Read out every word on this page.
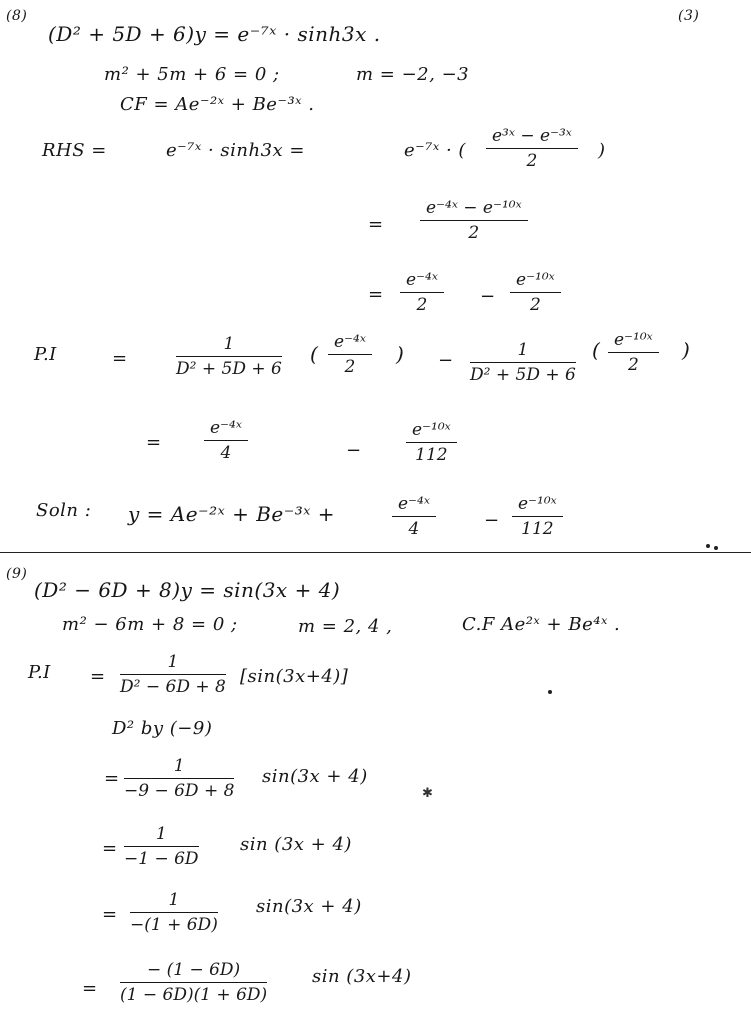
(3)
(8)
(D² + 5D + 6)y = e⁻⁷ˣ · sinh3x .
m² + 5m + 6 = 0 ;	m = −2, −3
CF = Ae⁻²ˣ + Be⁻³ˣ .
RHS =	e⁻⁷ˣ · sinh3x =	e⁻⁷ˣ · ( $\frac{\text{e³ˣ − e⁻³ˣ}}{2}$ )
= $\frac{\text{e⁻⁴ˣ − e⁻¹⁰ˣ}}{2}$
= $\frac{\text{e⁻⁴ˣ}}{2} - \frac{\text{e⁻¹⁰ˣ}}{2}$
P.I	=	$\frac{1}{\text{D² + 5D + 6}}$ ( $\frac{\text{e⁻⁴ˣ}}{2}$ ) − $\frac{1}{\text{D² + 5D + 6}}$ ( $\frac{\text{e⁻¹⁰ˣ}}{2}$ )
= $\frac{\text{e⁻⁴ˣ}}{4}$	−	$\frac{\text{e⁻¹⁰ˣ}}{112}$
Soln : y = Ae⁻²ˣ + Be⁻³ˣ +	$\frac{\text{e⁻⁴ˣ}}{4}$	− $\frac{\text{e⁻¹⁰ˣ}}{112}$
(9)
(D² − 6D + 8)y = sin(3x + 4)
m² − 6m + 8 = 0 ;	m = 2, 4 ,	C.F Ae²ˣ + Be⁴ˣ .
$P.I = \frac{1}{\text{D² − 6D + 8}} [\sin(3x+4)]$
D² by (−9)
= $\frac{1}{-9 - 6D + 8} \sin(3x + 4)$
✱
= $\frac{1}{-1 - 6D}$ sin (3x + 4)
= $\frac{1}{-(1 + 6D)} \sin(3x + 4)$
= $\frac{- (1 - 6D)}{(1 - 6D)(1 + 6D)}$ sin (3x+4)
